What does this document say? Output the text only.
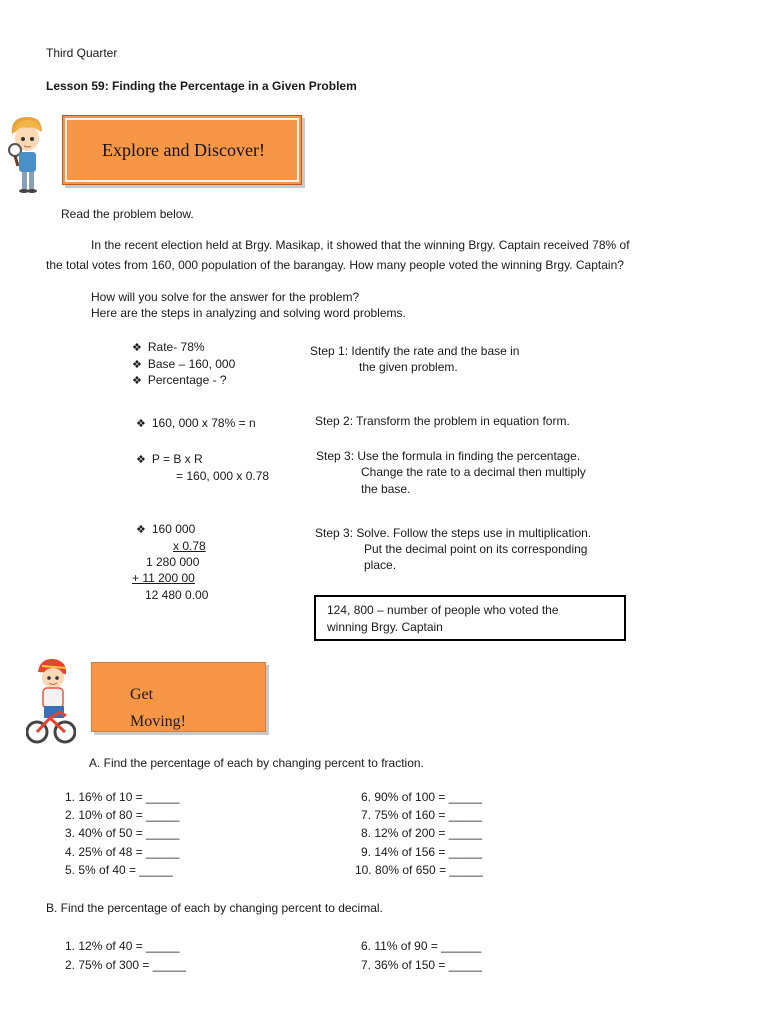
Third Quarter
Lesson 59: Finding the Percentage in a Given Problem
Explore and Discover!
Read the problem below.
In the recent election held at Brgy. Masikap, it showed that the winning Brgy. Captain received 78% of
the total votes from 160, 000 population of the barangay. How many people voted the winning Brgy. Captain?
How will you solve for the answer for the problem?
Here are the steps in analyzing and solving word problems.
❖ Rate- 78%
❖ Base – 160, 000
❖ Percentage - ?
Step 1: Identify the rate and the base in
the given problem.
❖ 160, 000 x 78% = n	Step 2: Transform the problem in equation form.
❖ P = B x R
= 160, 000 x 0.78
Step 3: Use the formula in finding the percentage.
Change the rate to a decimal then multiply
the base.
❖ 160 000
x 0.78
1 280 000
+ 11 200 00
12 480 0.00
Step 3: Solve. Follow the steps use in multiplication.
Put the decimal point on its corresponding
place.
124, 800 – number of people who voted the
winning Brgy. Captain
Get
Moving!
A. Find the percentage of each by changing percent to fraction.
1. 16% of 10 = _____
2. 10% of 80 = _____
3. 40% of 50 = _____
4. 25% of 48 = _____
5. 5% of 40 = _____
6. 90% of 100 = _____
7. 75% of 160 = _____
8. 12% of 200 = _____
9. 14% of 156 = _____
10. 80% of 650 = _____
B. Find the percentage of each by changing percent to decimal.
1. 12% of 40 = _____
2. 75% of 300 = _____
6. 11% of 90 = ______
7. 36% of 150 = _____
